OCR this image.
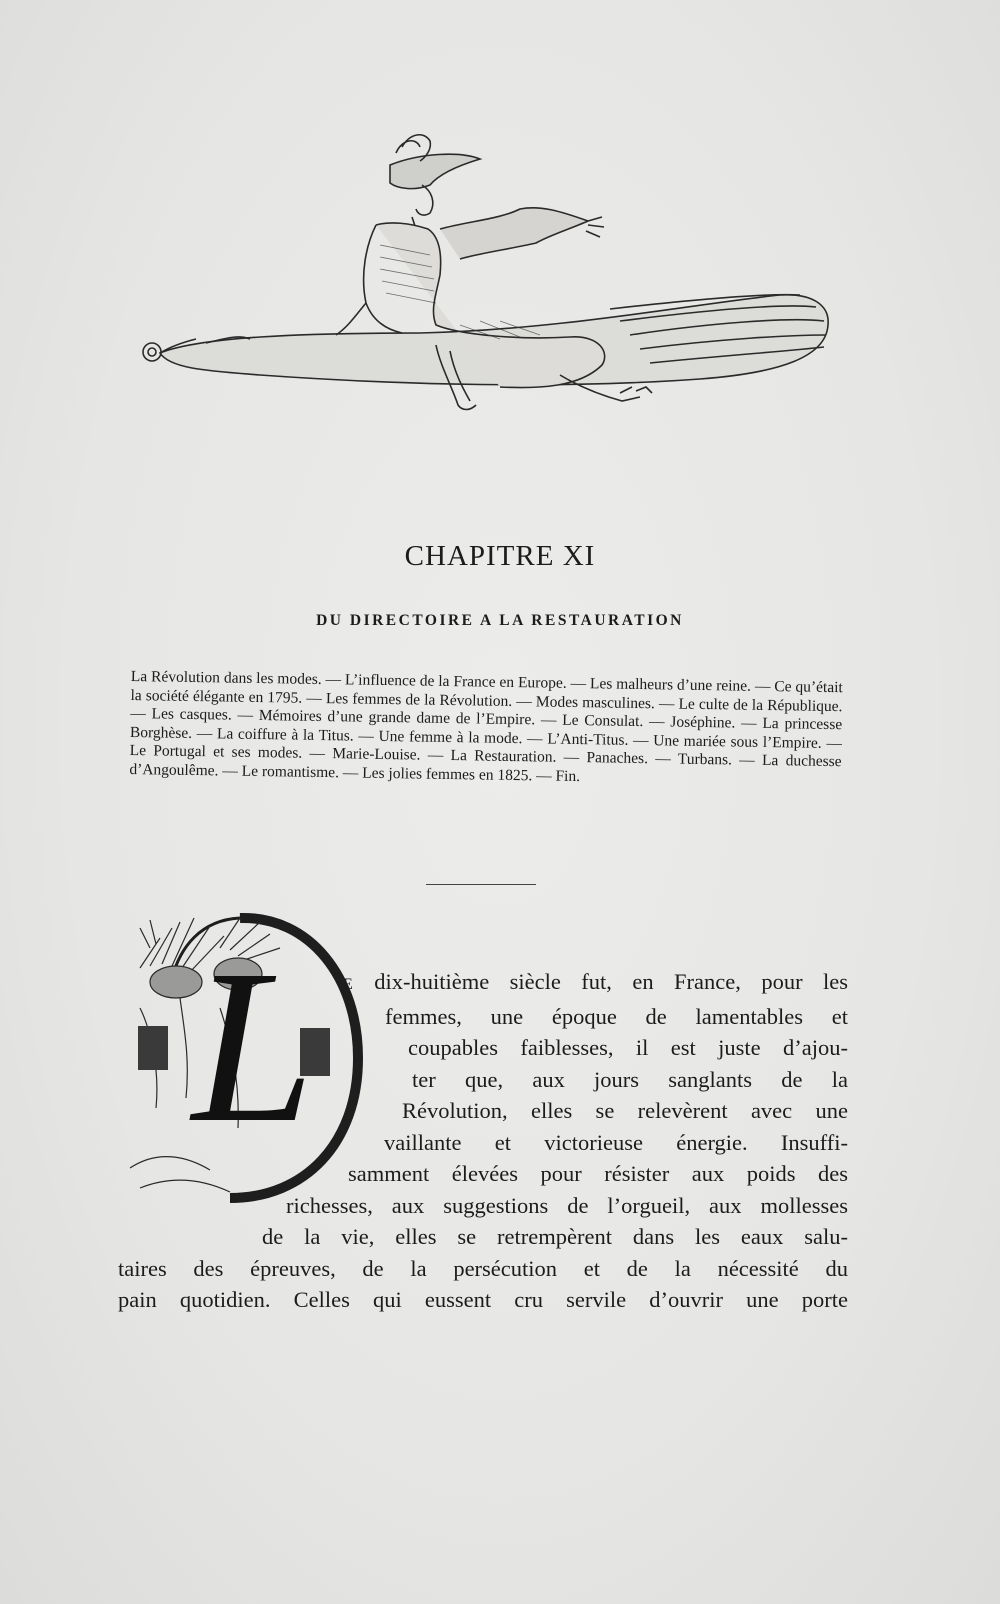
CHAPITRE XI
DU DIRECTOIRE A LA RESTAURATION

La Révolution dans les modes. — L’influence de la France en Europe. — Les malheurs d’une reine. — Ce qu’était la société élégante en 1795. — Les femmes de la Révolution. — Modes masculines. — Le culte de la République. — Les casques. — Mémoires d’une grande dame de l’Empire. — Le Consulat. — Joséphine. — La princesse Borghèse. — La coiffure à la Titus. — Une femme à la mode. — L’Anti-Titus. — Une mariée sous l’Empire. — Le Portugal et ses modes. — Marie-Louise. — La Restauration. — Panaches. — Turbans. — La duchesse d’Angoulême. — Le romantisme. — Les jolies femmes en 1825. — Fin.

L	E dix-huitième siècle fut, en France, pour les
femmes, une époque de lamentables et
coupables faiblesses, il est juste d’ajou-
ter que, aux jours sanglants de la
Révolution, elles se relevèrent avec une
vaillante et victorieuse énergie. Insuffi-
samment élevées pour résister aux poids des
richesses, aux suggestions de l’orgueil, aux mollesses
de la vie, elles se retrempèrent dans les eaux salu-
taires des épreuves, de la persécution et de la nécessité du
pain quotidien. Celles qui eussent cru servile d’ouvrir une porte
